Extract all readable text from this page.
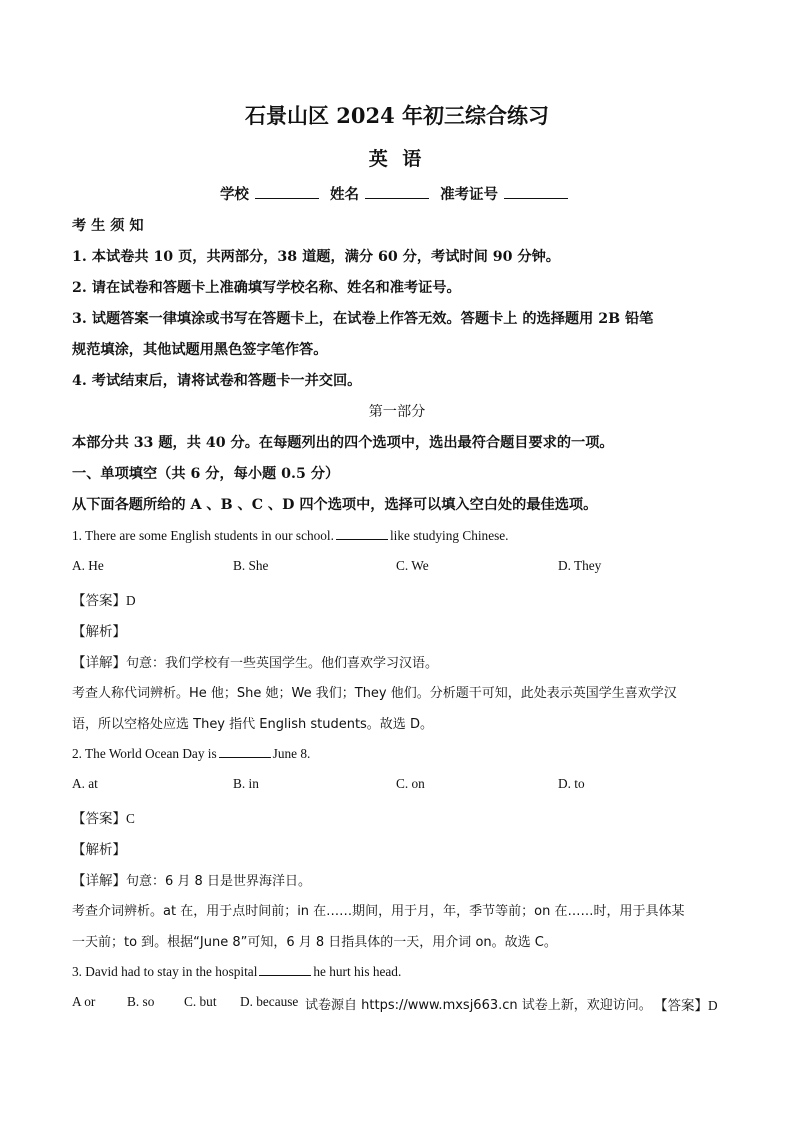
石景山区 2024 年初三综合练习
英 语
学校	姓名	准考证号
考 生 须 知
1. 本试卷共 10 页，共两部分，38 道题，满分 60 分，考试时间 90 分钟。
2. 请在试卷和答题卡上准确填写学校名称、姓名和准考证号。
3. 试题答案一律填涂或书写在答题卡上，在试卷上作答无效。答题卡上 的选择题用 2B 铅笔
规范填涂，其他试题用黑色签字笔作答。
4. 考试结束后，请将试卷和答题卡一并交回。
第一部分
本部分共 33 题，共 40 分。在每题列出的四个选项中，选出最符合题目要求的一项。
一、单项填空（共 6 分，每小题 0.5 分）
从下面各题所给的 A 、B 、C 、D 四个选项中，选择可以填入空白处的最佳选项。
1. There are some English students in our school.	like studying Chinese.
A. He	B. She	C. We	D. They
【答案】D
【解析】
【详解】句意：我们学校有一些英国学生。他们喜欢学习汉语。
考查人称代词辨析。He 他；She 她；We 我们；They 他们。分析题干可知，此处表示英国学生喜欢学汉
语，所以空格处应选 They 指代 English students。故选 D。
2. The World Ocean Day is	June 8.
A. at	B. in	C. on	D. to
【答案】C
【解析】
【详解】句意：6 月 8 日是世界海洋日。
考查介词辨析。at 在，用于点时间前；in 在……期间，用于月，年，季节等前；on 在……时，用于具体某
一天前；to 到。根据“June 8”可知，6 月 8 日指具体的一天，用介词 on。故选 C。
3. David had to stay in the hospital	he hurt his head.
A or B. so C. but D. because 试卷源自 https://www.mxsj663.cn 试卷上新，欢迎访问。 【答案】D
